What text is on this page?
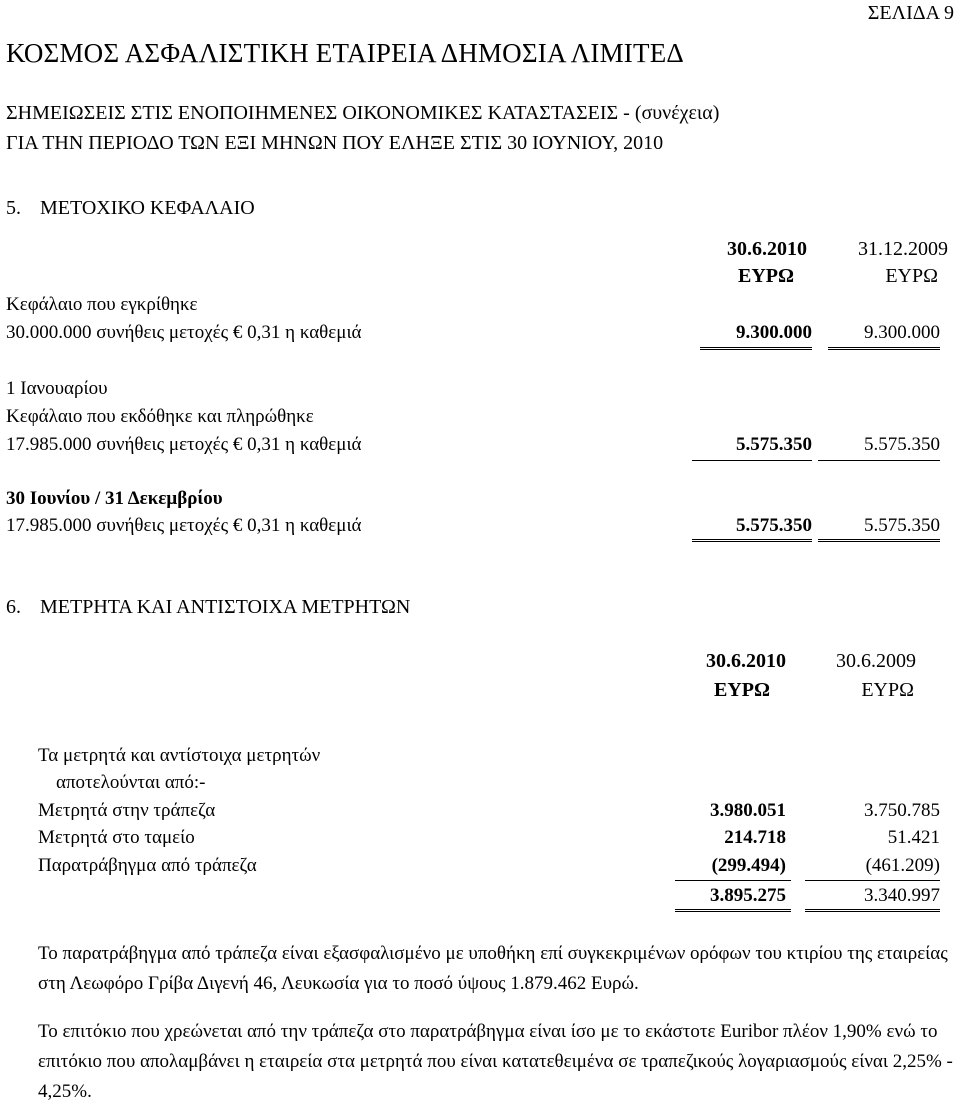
ΣΕΛΙΔΑ 9
ΚΟΣΜΟΣ ΑΣΦΑΛΙΣΤΙΚΗ ΕΤΑΙΡΕΙΑ ΔΗΜΟΣΙΑ ΛΙΜΙΤΕΔ
ΣΗΜΕΙΩΣΕΙΣ ΣΤΙΣ ΕΝΟΠΟΙΗΜΕΝΕΣ ΟΙΚΟΝΟΜΙΚΕΣ ΚΑΤΑΣΤΑΣΕΙΣ - (συνέχεια)
ΓΙΑ ΤΗΝ ΠΕΡΙΟΔΟ ΤΩΝ ΕΞΙ ΜΗΝΩΝ ΠΟΥ ΕΛΗΞΕ ΣΤΙΣ 30 ΙΟΥΝΙΟΥ, 2010
5. ΜΕΤΟΧΙΚΟ ΚΕΦΑΛΑΙΟ
30.6.2010	31.12.2009
ΕΥΡΩ	ΕΥΡΩ
Κεφάλαιο που εγκρίθηκε
30.000.000 συνήθεις μετοχές € 0,31 η καθεμιά	9.300.000	9.300.000
1 Ιανουαρίου
Κεφάλαιο που εκδόθηκε και πληρώθηκε
17.985.000 συνήθεις μετοχές € 0,31 η καθεμιά	5.575.350	5.575.350
30 Ιουνίου / 31 Δεκεμβρίου
17.985.000 συνήθεις μετοχές € 0,31 η καθεμιά	5.575.350	5.575.350
6. ΜΕΤΡΗΤΑ ΚΑΙ ΑΝΤΙΣΤΟΙΧΑ ΜΕΤΡΗΤΩΝ
30.6.2010	30.6.2009
ΕΥΡΩ	ΕΥΡΩ
Τα μετρητά και αντίστοιχα μετρητών
αποτελούνται από:-
Μετρητά στην τράπεζα	3.980.051	3.750.785
Μετρητά στο ταμείο	214.718	51.421
Παρατράβηγμα από τράπεζα	(299.494)	(461.209)
3.895.275	3.340.997
Το παρατράβηγμα από τράπεζα είναι εξασφαλισμένο με υποθήκη επί συγκεκριμένων ορόφων του κτιρίου της εταιρείας στη Λεωφόρο Γρίβα Διγενή 46, Λευκωσία για το ποσό ύψους 1.879.462 Ευρώ.
Το επιτόκιο που χρεώνεται από την τράπεζα στο παρατράβηγμα είναι ίσο με το εκάστοτε Euribor πλέον 1,90% ενώ το επιτόκιο που απολαμβάνει η εταιρεία στα μετρητά που είναι κατατεθειμένα σε τραπεζικούς λογαριασμούς είναι 2,25% - 4,25%.
